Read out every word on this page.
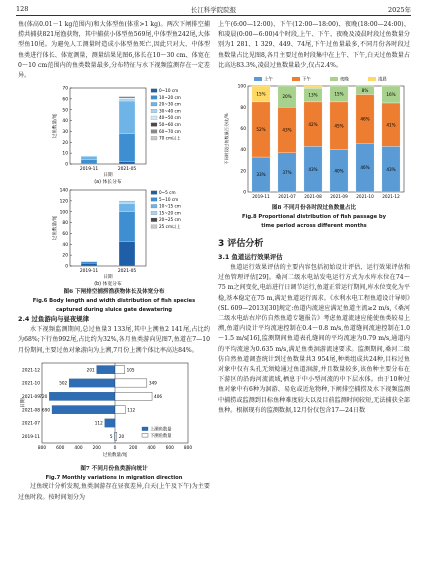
128	长江科学院院报	2025年

鱼(体高0.01－1 kg范围内)和大体型鱼(体重>1 kg)。两次下闸排空捕捞共捕获821尾渔获物，其中捕获小体型鱼569尾,中体型鱼242尾,大体型鱼10尾。为避免人工测量时造成小体型鱼死亡,因此只对大、中体型鱼类进行体长、体宽测量，测量结果见图6,体长在10～30 cm、体宽在0～10 cm范围内的鱼类数量最多,分布特征与水下视频监测存在一定差异。

0
10
20
30
40
50
60
70
过鱼数量/尾
2019-11	2021-05
日期
(a) 体长分布
0~10 cm
10~20 cm
20~30 cm
30~40 cm
40~50 cm
50~60 cm
60~70 cm
70 cm以上
0
20
40
60
80
100
120
140
过鱼数量/尾
2019-11	2021-05
日期
(b) 体宽分布
0~5 cm
5~10 cm
10~15 cm
15~20 cm
20~25 cm
25 cm以上
图6 下闸排空捕捞渔获物体长及体宽分布
Fig.6 Body length and width distribution of fish species
captured during sluice gate dewatering
2.4 过鱼游向与昼夜规律

水下视频监测期间,总过鱼量3 133尾,其中上溯鱼2 141尾,占比约为68%;下行鱼992尾,占比约为32%,各月鱼类游向见图7,鱼道在7—10月份期间,主要过鱼对象游向为上溯,7月份上溯个体比率高达84%。

800 600 400 200	0	200 400 600 800
过鱼数量/尾
日期
2021-12	201	105
2021-10	502	349
2021-09 720	406
2021-08 690	112
2021-07	112
2019-11	5 20
上溯鱼数量
下溯鱼数量
图7 不同月份鱼类游向统计
Fig.7 Monthly variations in migration direction

过鱼统计分析发现,鱼类洄游存在昼夜差异,白天(上午及下午)为主要过鱼时段。按时间划分为

上午(6:00—12:00)、下午(12:00—18:00)、夜晚(18:00—24:00)、和凌晨(0:00—6:00)4个时段,上午、下午、夜晚及凌晨时段过鱼数量分别为1 281、1 329、449、74尾,下午过鱼量最多,不同月份各时段过鱼数量占比见图8,各月主要过鱼时段集中在上午、下午,白天过鱼数量占比高达83.3%,凌晨过鱼数量最少,仅占2.4%。

0
20
40
60
80
100
不同时段过鱼数量百分比/%
上午	下午	夜晚	凌晨
33%
52%
15%
2019-11
37%
43%
20%
2021-07
43%
42%
13%
2021-08
40%
45%
15%
2021-09
46%
46%
8%
2021-10
43%
41%
16%
2021-12
图8 不同月份各时段过鱼数量占比
Fig.8 Proportional distribution of fish passage by
time period across different months
3 评估分析
3.1 鱼道运行效果评估

鱼道运行效果评估的主要内容包括初始设计评估、运行效果评估和过鱼管理评估[29]。桑河二级水电站发电运行方式为水库水位在74～75 m之间变化,电站进行日调节运行,鱼道正常运行期间,库水位变化为平稳,基本稳定在75 m,满足鱼道运行需求。《水利水电工程鱼道设计导则》(SL 609—2013)[30]规定:鱼道内流速应满足鱼道主流≥2 m/s,《桑河二级水电站右岸仿自然鱼道专题报告》考虑鱼道流速应能使鱼类较易上溯,鱼道内设计平均流速控制在0.4～0.8 m/s,鱼道缝间流速控制在1.0～1.5 m/s[16],监测期间鱼道表孔缝间的平均流速为0.79 m/s,通道内的平均流速为0.635 m/s,满足鱼类洄游流速要求。监测期间,桑河二级仿自然鱼道调查统计到过鱼数量共3 954尾,种类组成共24种,目标过鱼对象中仅有头孔无须鲶通过鱼道洄游,并且数量较多,该鱼种主要分布在下游区的沿海河流流域,栖息于中小型河流的中下层水体。由于10种过鱼对象中有6种为洄游、易危或近危物种,下闸排空捕捞及水下视频监测中捕捞或监测到目标鱼种难度较大以及目前监测时间较短,无法捕获全部鱼种。根据现有的监测数据,12月份仅包含17—24日数
